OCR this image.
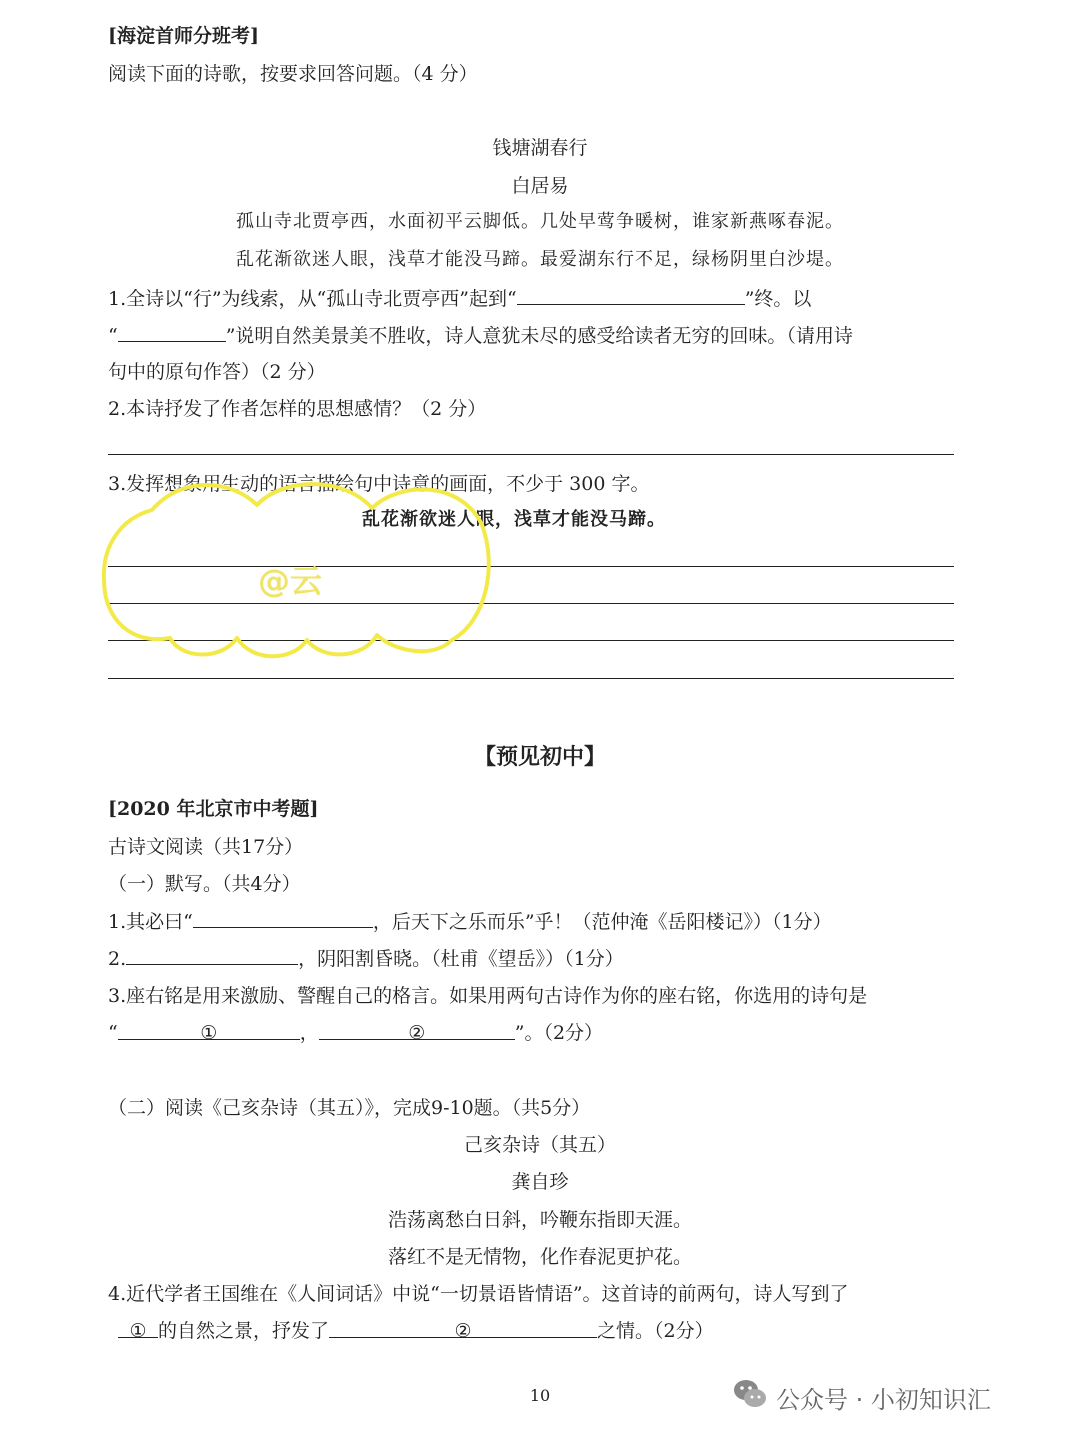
[海淀首师分班考]
阅读下面的诗歌，按要求回答问题。（4 分）
钱塘湖春行
白居易
孤山寺北贾亭西，水面初平云脚低。几处早莺争暖树，谁家新燕啄春泥。
乱花渐欲迷人眼，浅草才能没马蹄。最爱湖东行不足，绿杨阴里白沙堤。
1.全诗以“行”为线索，从“孤山寺北贾亭西”起到“	”终。以
“	”说明自然美景美不胜收，诗人意犹未尽的感受给读者无穷的回味。（请用诗
句中的原句作答）（2 分）
2.本诗抒发了作者怎样的思想感情？（2 分）
3.发挥想象用生动的语言描绘句中诗意的画面，不少于 300 字。
乱花渐欲迷人眼，浅草才能没马蹄。
@云
【预见初中】
[2020 年北京市中考题]
古诗文阅读（共17分）
（一）默写。（共4分）
1.其必曰“	，后天下之乐而乐”乎！（范仲淹《岳阳楼记》）（1分）
2.	，阴阳割昏晓。（杜甫《望岳》）（1分）
3.座右铭是用来激励、警醒自己的格言。如果用两句古诗作为你的座右铭，你选用的诗句是
“	①	，	②	”。（2分）
（二）阅读《己亥杂诗（其五）》，完成9-10题。（共5分）
己亥杂诗（其五）
龚自珍
浩荡离愁白日斜，吟鞭东指即天涯。
落红不是无情物，化作春泥更护花。
4.近代学者王国维在《人间词话》中说“一切景语皆情语”。这首诗的前两句，诗人写到了
① 的自然之景，抒发了	②	之情。（2分）
10	公众号 · 小初知识汇
